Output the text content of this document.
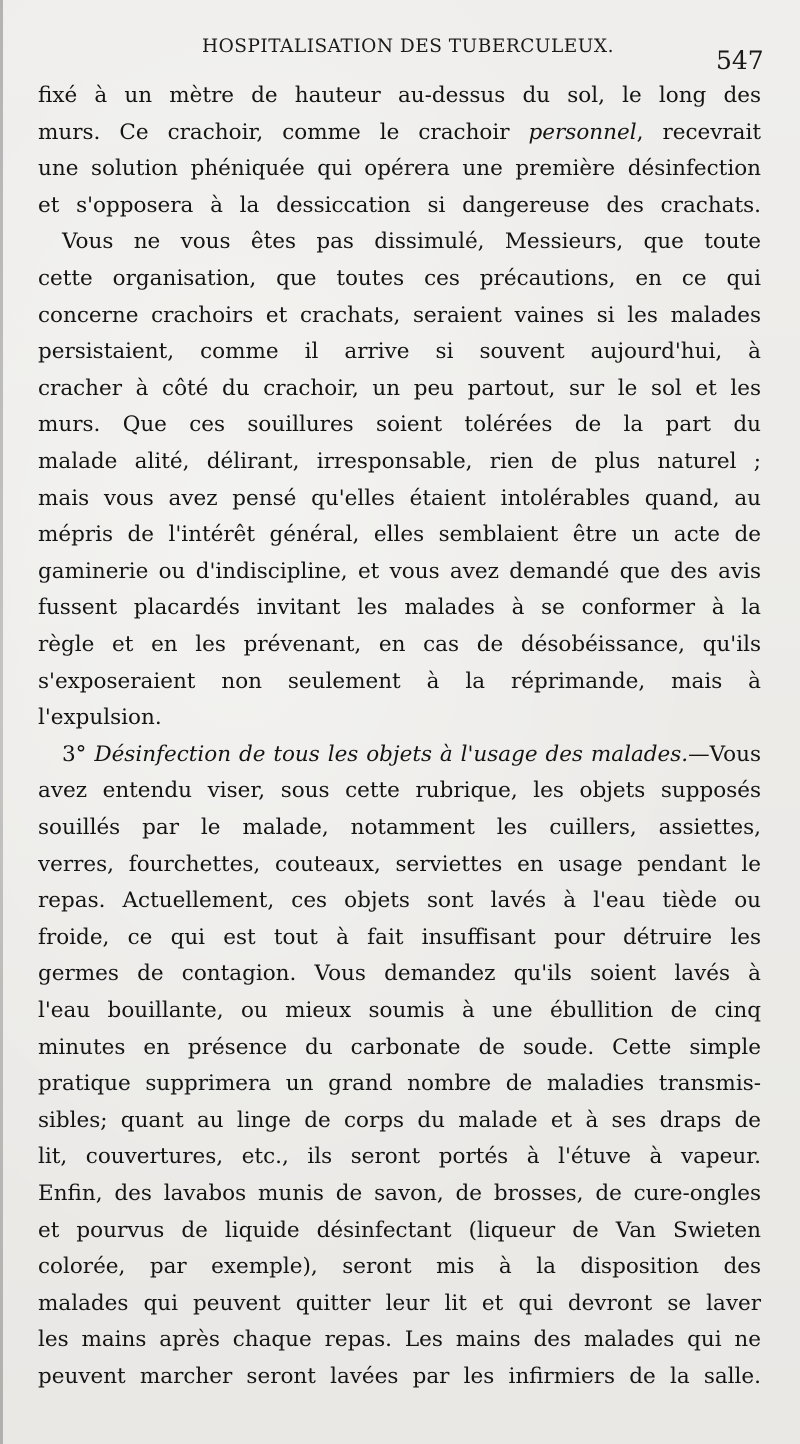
HOSPITALISATION DES TUBERCULEUX.	547
fixé à un mètre de hauteur au-dessus du sol, le long des
murs. Ce crachoir, comme le crachoir personnel, recevrait
une solution phéniquée qui opérera une première désinfection
et s'opposera à la dessiccation si dangereuse des crachats.
Vous ne vous êtes pas dissimulé, Messieurs, que toute
cette organisation, que toutes ces précautions, en ce qui
concerne crachoirs et crachats, seraient vaines si les malades
persistaient, comme il arrive si souvent aujourd'hui, à
cracher à côté du crachoir, un peu partout, sur le sol et les
murs. Que ces souillures soient tolérées de la part du
malade alité, délirant, irresponsable, rien de plus naturel ;
mais vous avez pensé qu'elles étaient intolérables quand, au
mépris de l'intérêt général, elles semblaient être un acte de
gaminerie ou d'indiscipline, et vous avez demandé que des avis
fussent placardés invitant les malades à se conformer à la
règle et en les prévenant, en cas de désobéissance, qu'ils
s'exposeraient non seulement à la réprimande, mais à
l'expulsion.
3° Désinfection de tous les objets à l'usage des malades.—Vous
avez entendu viser, sous cette rubrique, les objets supposés
souillés par le malade, notamment les cuillers, assiettes,
verres, fourchettes, couteaux, serviettes en usage pendant le
repas. Actuellement, ces objets sont lavés à l'eau tiède ou
froide, ce qui est tout à fait insuffisant pour détruire les
germes de contagion. Vous demandez qu'ils soient lavés à
l'eau bouillante, ou mieux soumis à une ébullition de cinq
minutes en présence du carbonate de soude. Cette simple
pratique supprimera un grand nombre de maladies transmis-
sibles; quant au linge de corps du malade et à ses draps de
lit, couvertures, etc., ils seront portés à l'étuve à vapeur.
Enfin, des lavabos munis de savon, de brosses, de cure-ongles
et pourvus de liquide désinfectant (liqueur de Van Swieten
colorée, par exemple), seront mis à la disposition des
malades qui peuvent quitter leur lit et qui devront se laver
les mains après chaque repas. Les mains des malades qui ne
peuvent marcher seront lavées par les infirmiers de la salle.
